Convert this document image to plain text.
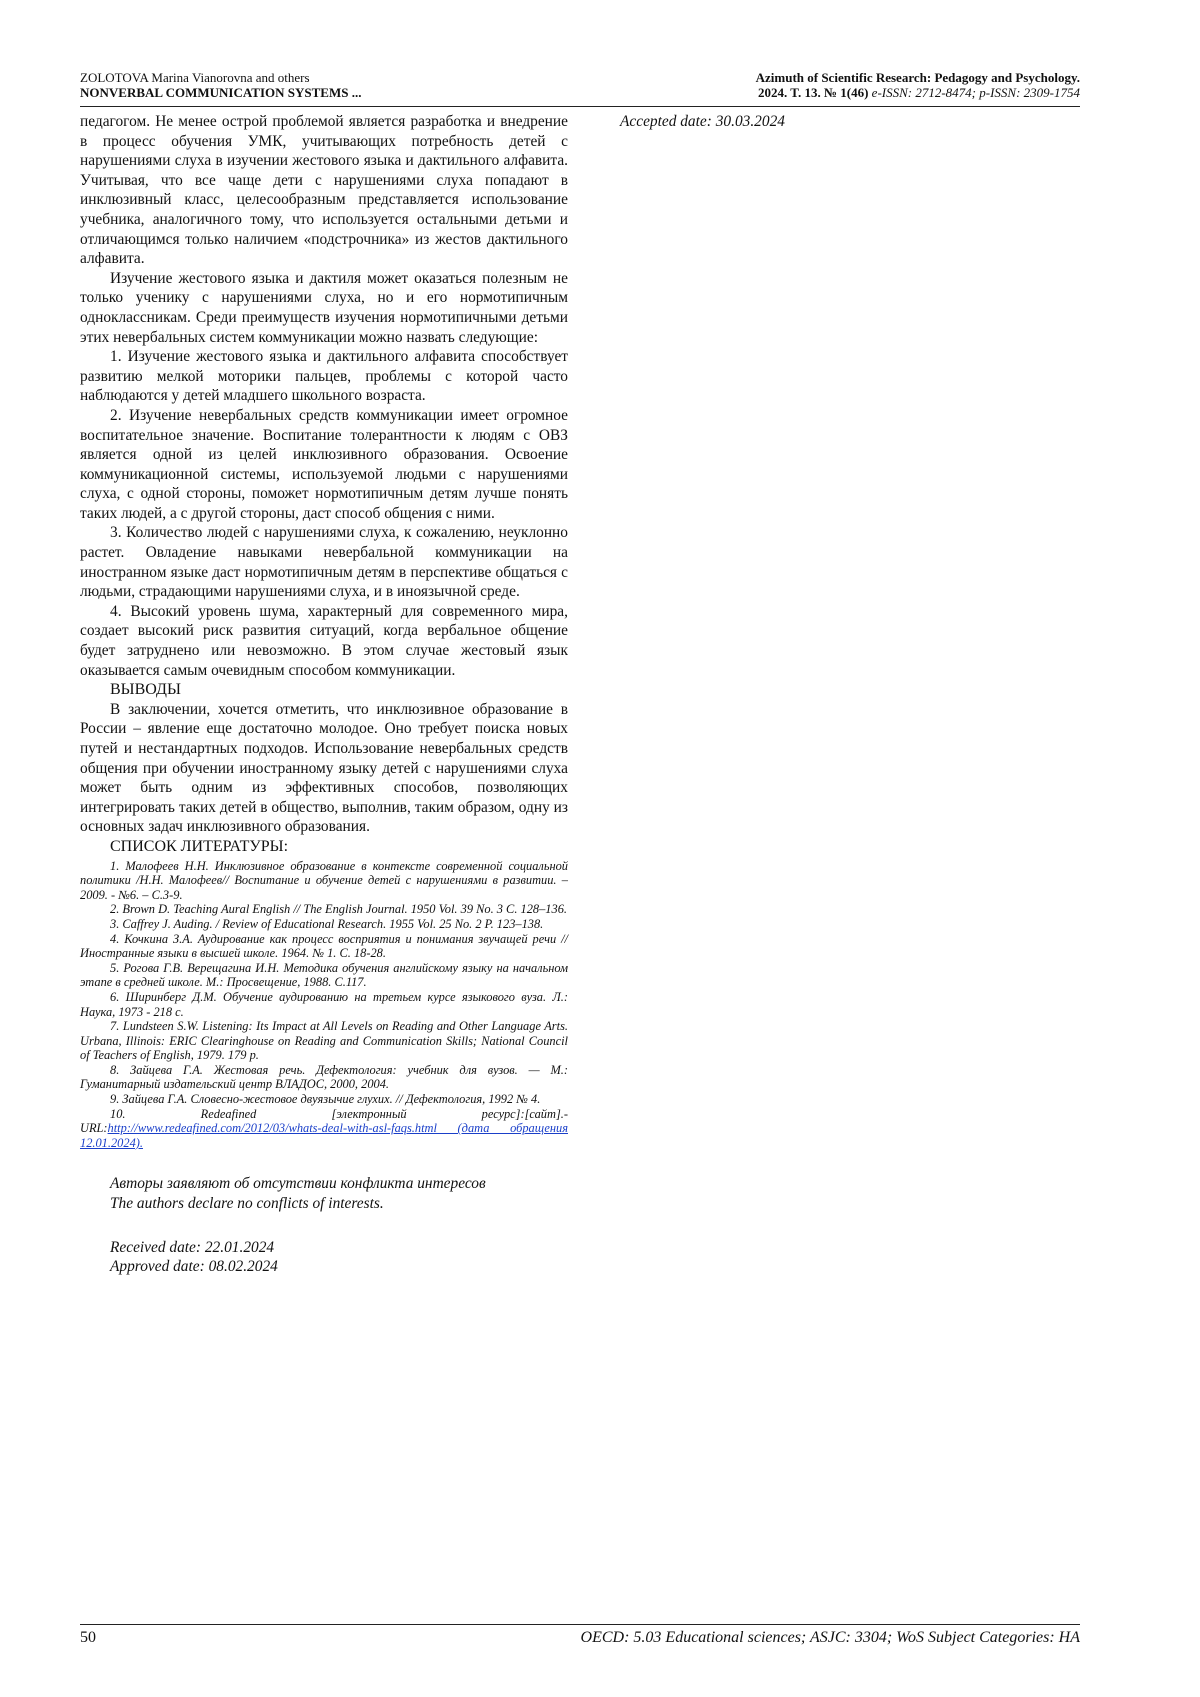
ZOLOTOVA Marina Vianorovna and others
NONVERBAL COMMUNICATION SYSTEMS ...
Azimuth of Scientific Research: Pedagogy and Psychology.
2024. T. 13. № 1(46) e-ISSN: 2712-8474; p-ISSN: 2309-1754

педагогом. Не менее острой проблемой является разработка и внедрение в процесс обучения УМК, учитывающих потребность детей с нарушениями слуха в изучении жестового языка и дактильного алфавита. Учитывая, что все чаще дети с нарушениями слуха попадают в инклюзивный класс, целесообразным представляется использование учебника, аналогичного тому, что используется остальными детьми и отличающимся только наличием «подстрочника» из жестов дактильного алфавита.

Изучение жестового языка и дактиля может оказаться полезным не только ученику с нарушениями слуха, но и его нормотипичным одноклассникам. Среди преимуществ изучения нормотипичными детьми этих невербальных систем коммуникации можно назвать следующие:

1. Изучение жестового языка и дактильного алфавита способствует развитию мелкой моторики пальцев, проблемы с которой часто наблюдаются у детей младшего школьного возраста.

2. Изучение невербальных средств коммуникации имеет огромное воспитательное значение. Воспитание толерантности к людям с ОВЗ является одной из целей инклюзивного образования. Освоение коммуникационной системы, используемой людьми с нарушениями слуха, с одной стороны, поможет нормотипичным детям лучше понять таких людей, а с другой стороны, даст способ общения с ними.

3. Количество людей с нарушениями слуха, к сожалению, неуклонно растет. Овладение навыками невербальной коммуникации на иностранном языке даст нормотипичным детям в перспективе общаться с людьми, страдающими нарушениями слуха, и в иноязычной среде.

4. Высокий уровень шума, характерный для современного мира, создает высокий риск развития ситуаций, когда вербальное общение будет затруднено или невозможно. В этом случае жестовый язык оказывается самым очевидным способом коммуникации.

ВЫВОДЫ

В заключении, хочется отметить, что инклюзивное образование в России – явление еще достаточно молодое. Оно требует поиска новых путей и нестандартных подходов. Использование невербальных средств общения при обучении иностранному языку детей с нарушениями слуха может быть одним из эффективных способов, позволяющих интегрировать таких детей в общество, выполнив, таким образом, одну из основных задач инклюзивного образования.

СПИСОК ЛИТЕРАТУРЫ:

1. Малофеев Н.Н. Инклюзивное образование в контексте современной социальной политики /Н.Н. Малофеев// Воспитание и обучение детей с нарушениями в развитии. – 2009. - №6. – С.3-9.

2. Brown D. Teaching Aural English // The English Journal. 1950 Vol. 39 No. 3 С. 128–136.

3. Caffrey J. Auding. / Review of Educational Research. 1955 Vol. 25 No. 2 P. 123–138.

4. Кочкина З.А. Аудирование как процесс восприятия и понимания звучащей речи // Иностранные языки в высшей школе. 1964. № 1. С. 18-28.

5. Рогова Г.В. Верещагина И.Н. Методика обучения английскому языку на начальном этапе в средней школе. М.: Просвещение, 1988. С.117.

6. Ширинберг Д.М. Обучение аудированию на третьем курсе языкового вуза. Л.: Наука, 1973 - 218 с.

7. Lundsteen S.W. Listening: Its Impact at All Levels on Reading and Other Language Arts. Urbana, Illinois: ERIC Clearinghouse on Reading and Communication Skills; National Council of Teachers of English, 1979. 179 p.

8. Зайцева Г.А. Жестовая речь. Дефектология: учебник для вузов. — М.: Гуманитарный издательский центр ВЛАДОС, 2000, 2004.

9. Зайцева Г.А. Словесно-жестовое двуязычие глухих. // Дефектология, 1992 № 4.

10. Redeafined [электронный ресурс]:[сайт].- URL:http://www.redeafined.com/2012/03/whats-deal-with-asl-faqs.html (дата обращения 12.01.2024).

Авторы заявляют об отсутствии конфликта интересов

The authors declare no conflicts of interests.

Received date: 22.01.2024

Approved date: 08.02.2024

Accepted date: 30.03.2024
50	OECD: 5.03 Educational sciences; ASJC: 3304; WoS Subject Categories: HA
